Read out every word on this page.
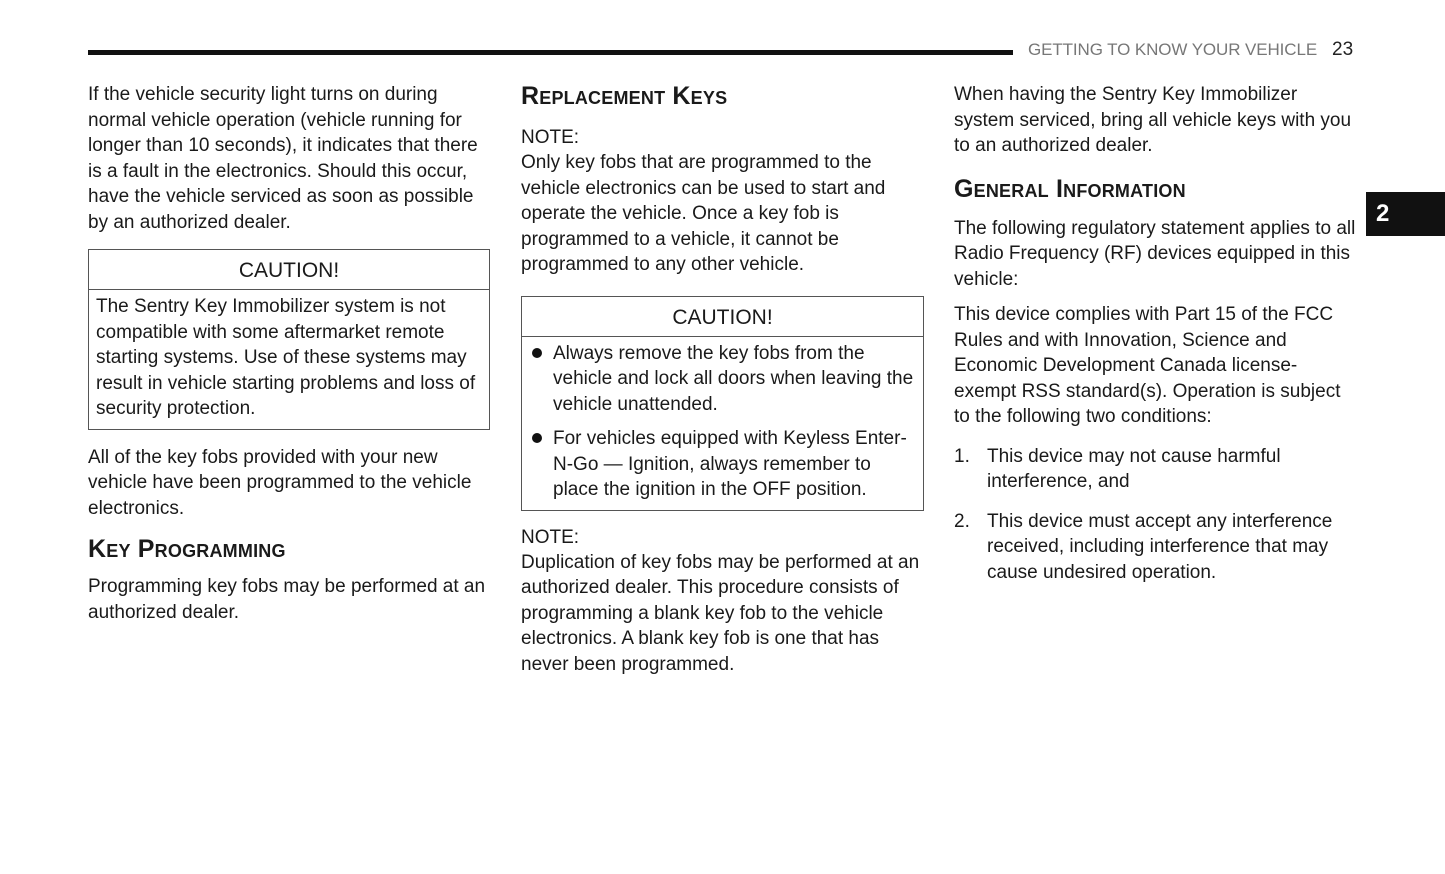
GETTING TO KNOW YOUR VEHICLE 23
2

If the vehicle security light turns on during normal vehicle operation (vehicle running for longer than 10 seconds), it indicates that there is a fault in the electronics. Should this occur, have the vehicle serviced as soon as possible by an authorized dealer.

CAUTION!

The Sentry Key Immobilizer system is not compatible with some aftermarket remote starting systems. Use of these systems may result in vehicle starting problems and loss of security protection.

All of the key fobs provided with your new vehicle have been programmed to the vehicle electronics.

Key Programming

Programming key fobs may be performed at an authorized dealer.

Replacement Keys
NOTE:

Only key fobs that are programmed to the vehicle electronics can be used to start and operate the vehicle. Once a key fob is programmed to a vehicle, it cannot be programmed to any other vehicle.

CAUTION!

Always remove the key fobs from the vehicle and lock all doors when leaving the vehicle unattended.

For vehicles equipped with Keyless Enter-N-Go — Ignition, always remember to place the ignition in the OFF position.

NOTE:

Duplication of key fobs may be performed at an authorized dealer. This procedure consists of programming a blank key fob to the vehicle electronics. A blank key fob is one that has never been programmed.

When having the Sentry Key Immobilizer system serviced, bring all vehicle keys with you to an authorized dealer.

General Information

The following regulatory statement applies to all Radio Frequency (RF) devices equipped in this vehicle:

This device complies with Part 15 of the FCC Rules and with Innovation, Science and Economic Development Canada license-exempt RSS standard(s). Operation is subject to the following two conditions:

1. This device may not cause harmful interference, and

2. This device must accept any interference received, including interference that may cause undesired operation.
